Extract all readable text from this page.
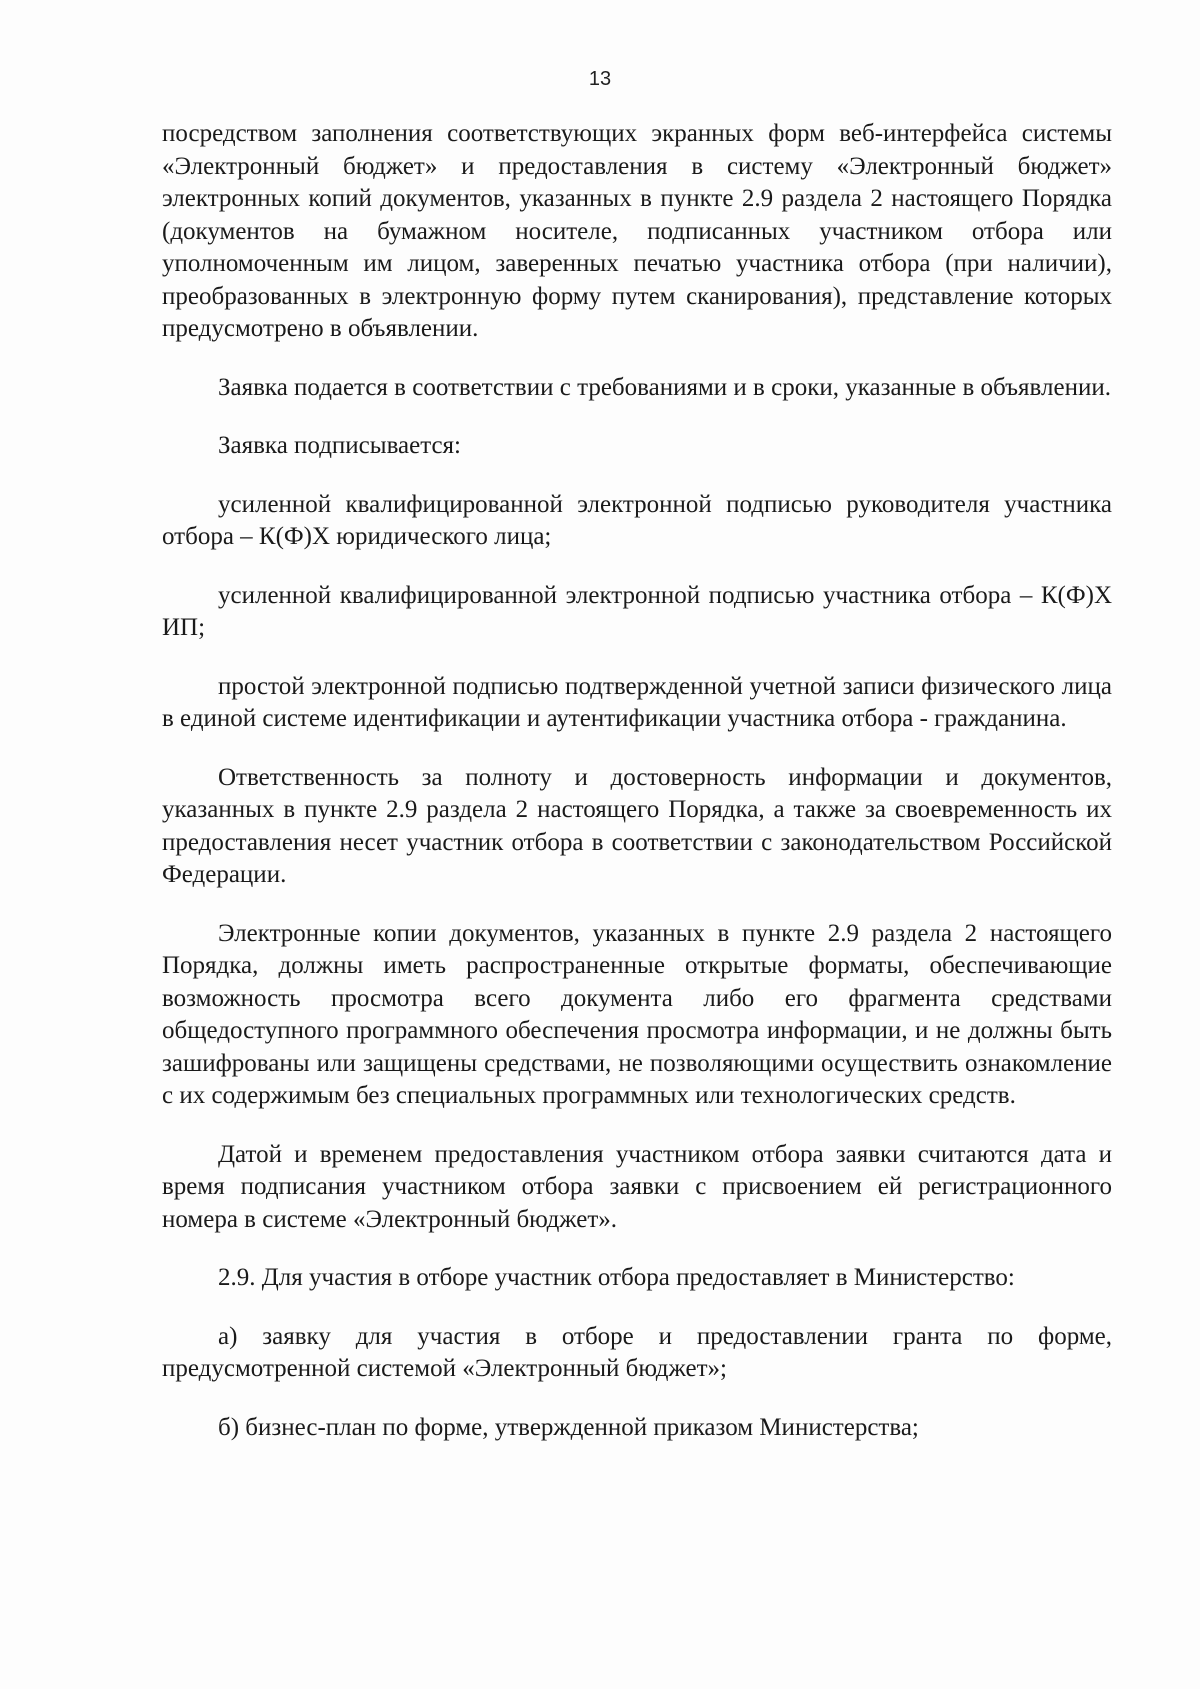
13

посредством заполнения соответствующих экранных форм веб-интерфейса системы «Электронный бюджет» и предоставления в систему «Электронный бюджет» электронных копий документов, указанных в пункте 2.9 раздела 2 настоящего Порядка (документов на бумажном носителе, подписанных участником отбора или уполномоченным им лицом, заверенных печатью участника отбора (при наличии), преобразованных в электронную форму путем сканирования), представление которых предусмотрено в объявлении.

Заявка подается в соответствии с требованиями и в сроки, указанные в объявлении.

Заявка подписывается:

усиленной квалифицированной электронной подписью руководителя участника отбора – К(Ф)Х юридического лица;

усиленной квалифицированной электронной подписью участника отбора – К(Ф)Х ИП;

простой электронной подписью подтвержденной учетной записи физического лица в единой системе идентификации и аутентификации участника отбора - гражданина.

Ответственность за полноту и достоверность информации и документов, указанных в пункте 2.9 раздела 2 настоящего Порядка, а также за своевременность их предоставления несет участник отбора в соответствии с законодательством Российской Федерации.

Электронные копии документов, указанных в пункте 2.9 раздела 2 настоящего Порядка, должны иметь распространенные открытые форматы, обеспечивающие возможность просмотра всего документа либо его фрагмента средствами общедоступного программного обеспечения просмотра информации, и не должны быть зашифрованы или защищены средствами, не позволяющими осуществить ознакомление с их содержимым без специальных программных или технологических средств.

Датой и временем предоставления участником отбора заявки считаются дата и время подписания участником отбора заявки с присвоением ей регистрационного номера в системе «Электронный бюджет».

2.9. Для участия в отборе участник отбора предоставляет в Министерство:

а) заявку для участия в отборе и предоставлении гранта по форме, предусмотренной системой «Электронный бюджет»;

б) бизнес-план по форме, утвержденной приказом Министерства;
